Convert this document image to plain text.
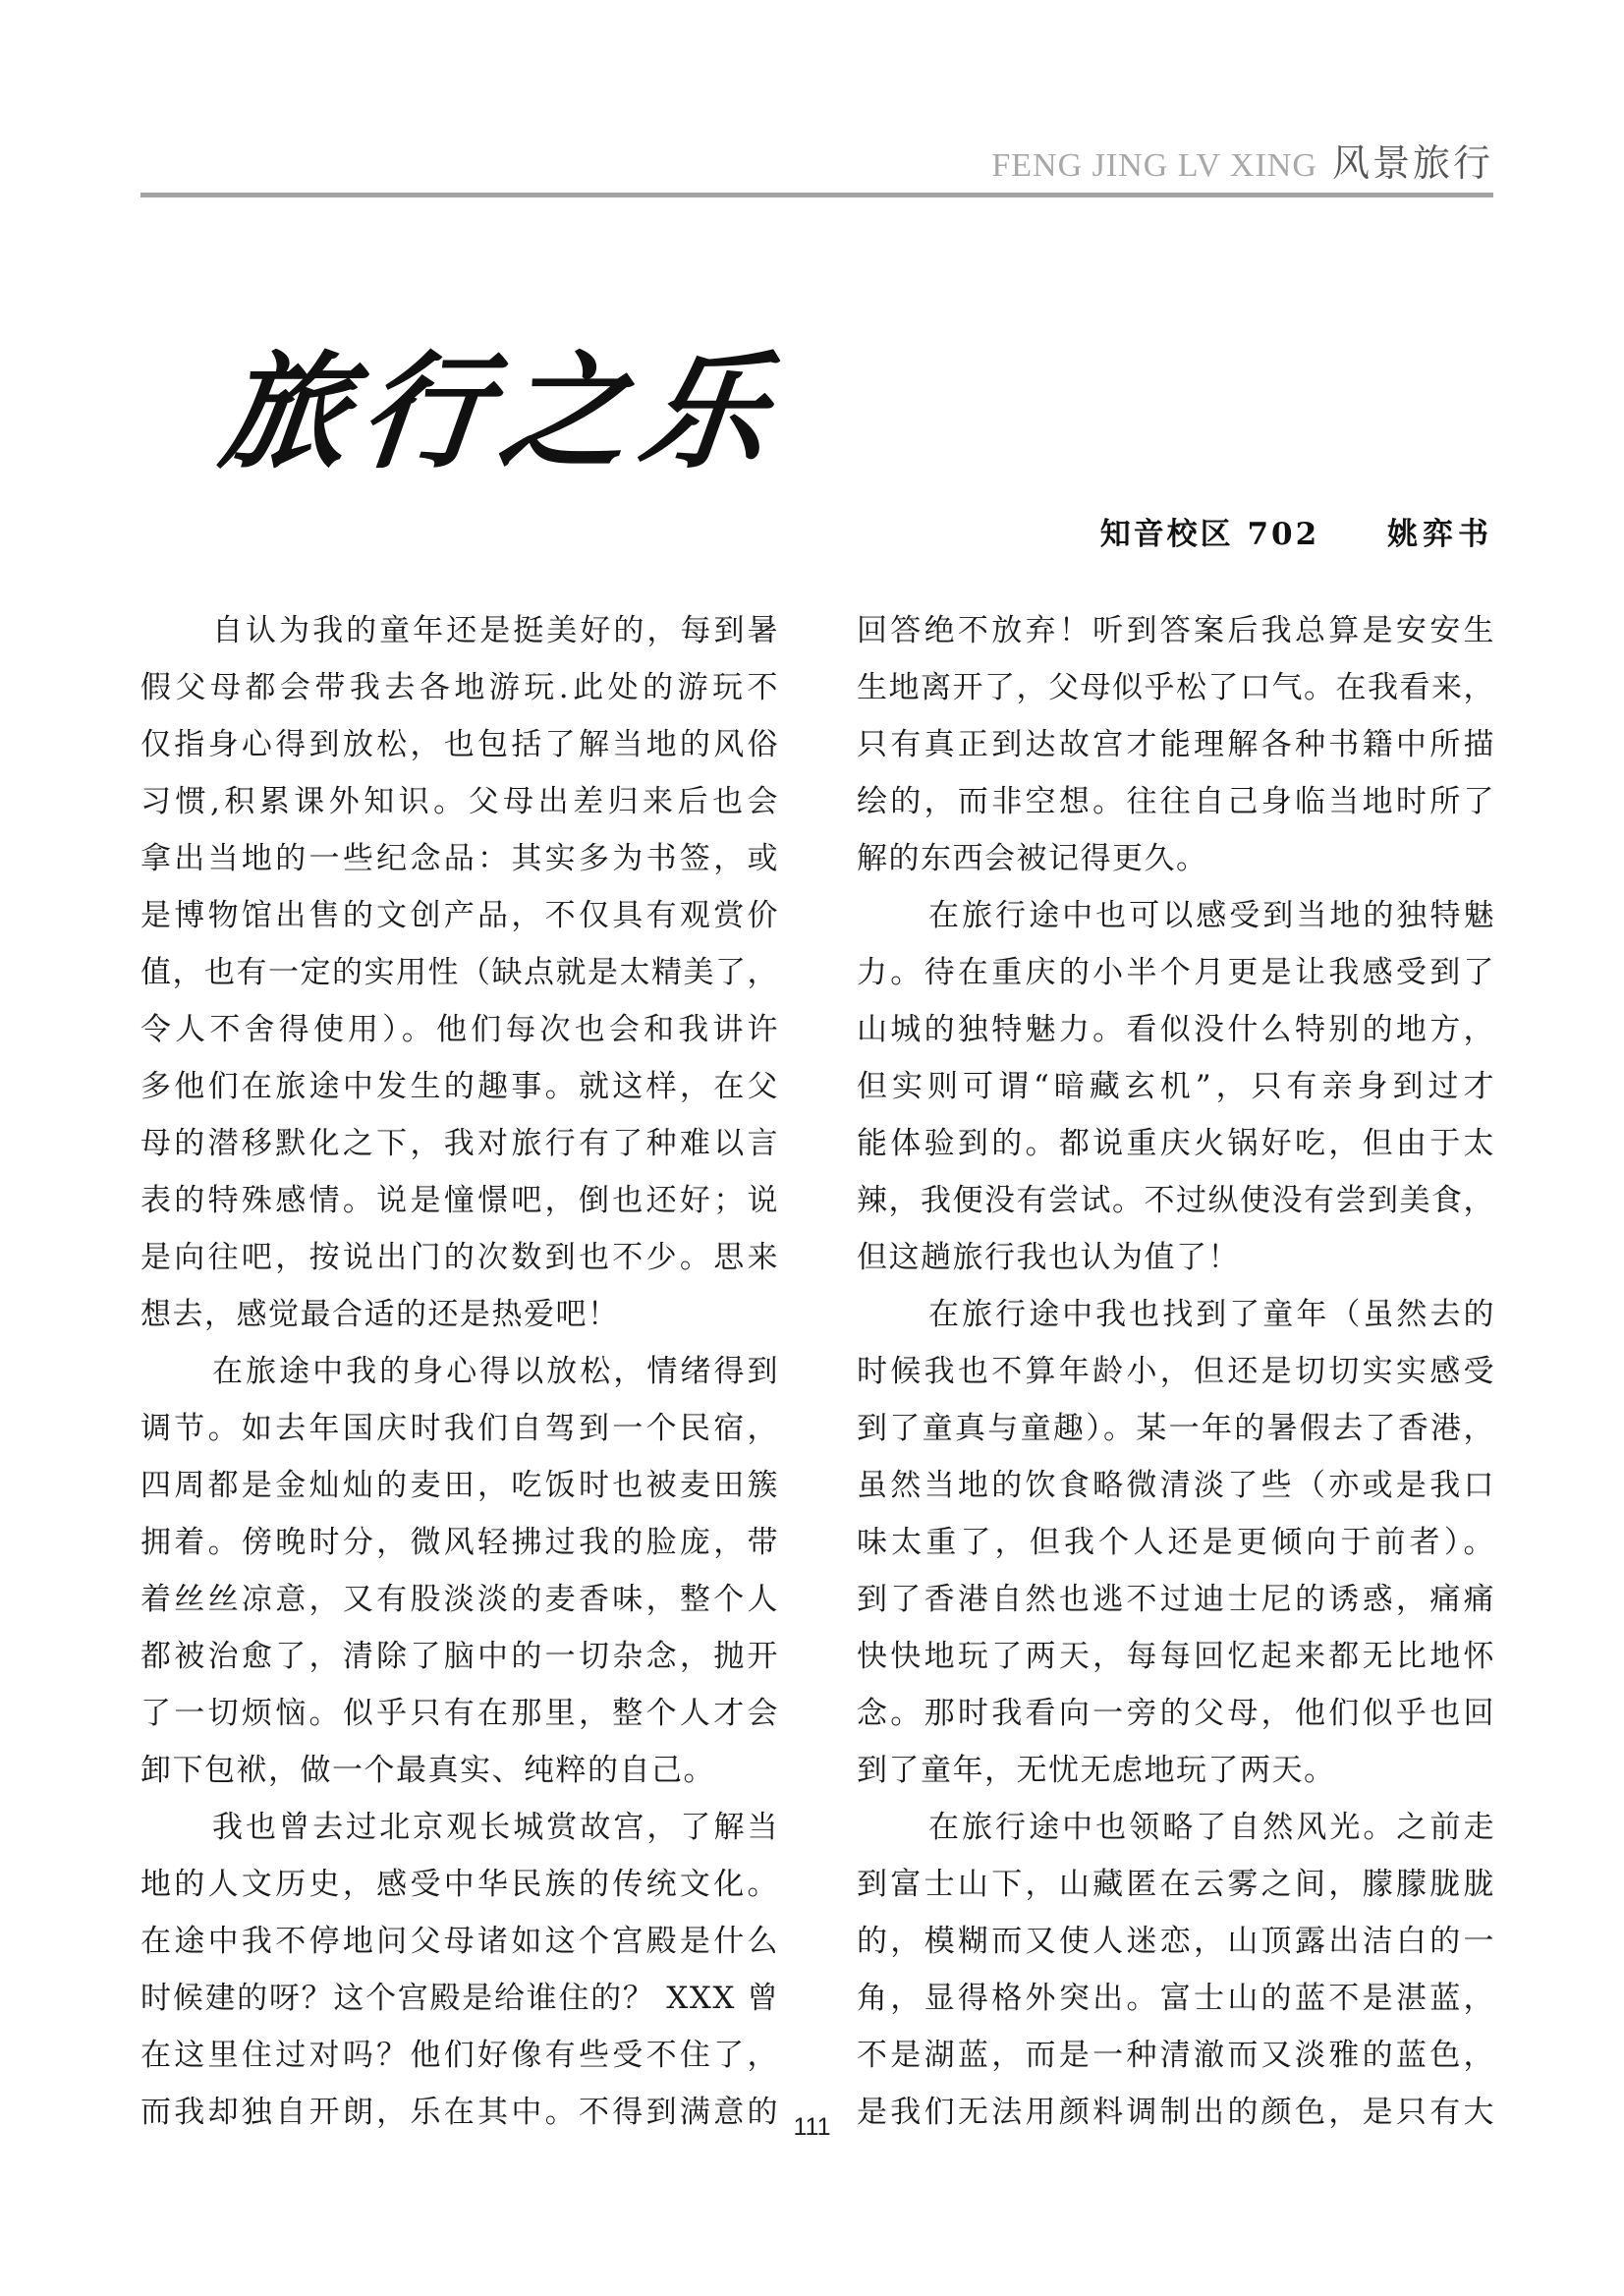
FENG JING LV XING 风景旅行
旅行之乐
知音校区 702 姚弈书
自认为我的童年还是挺美好的，每到暑
假父母都会带我去各地游玩.此处的游玩不
仅指身心得到放松，也包括了解当地的风俗
习惯,积累课外知识。父母出差归来后也会
拿出当地的一些纪念品：其实多为书签，或
是博物馆出售的文创产品，不仅具有观赏价
值，也有一定的实用性（缺点就是太精美了，
令人不舍得使用）。他们每次也会和我讲许
多他们在旅途中发生的趣事。就这样，在父
母的潜移默化之下，我对旅行有了种难以言
表的特殊感情。说是憧憬吧，倒也还好；说
是向往吧，按说出门的次数到也不少。思来
想去，感觉最合适的还是热爱吧！
在旅途中我的身心得以放松，情绪得到
调节。如去年国庆时我们自驾到一个民宿，
四周都是金灿灿的麦田，吃饭时也被麦田簇
拥着。傍晚时分，微风轻拂过我的脸庞，带
着丝丝凉意，又有股淡淡的麦香味，整个人
都被治愈了，清除了脑中的一切杂念，抛开
了一切烦恼。似乎只有在那里，整个人才会
卸下包袱，做一个最真实、纯粹的自己。
我也曾去过北京观长城赏故宫，了解当
地的人文历史，感受中华民族的传统文化。
在途中我不停地问父母诸如这个宫殿是什么
时候建的呀？这个宫殿是给谁住的？ XXX 曾
在这里住过对吗？他们好像有些受不住了，
而我却独自开朗，乐在其中。不得到满意的
回答绝不放弃！听到答案后我总算是安安生
生地离开了，父母似乎松了口气。在我看来，
只有真正到达故宫才能理解各种书籍中所描
绘的，而非空想。往往自己身临当地时所了
解的东西会被记得更久。
在旅行途中也可以感受到当地的独特魅
力。待在重庆的小半个月更是让我感受到了
山城的独特魅力。看似没什么特别的地方，
但实则可谓“暗藏玄机”，只有亲身到过才
能体验到的。都说重庆火锅好吃，但由于太
辣，我便没有尝试。不过纵使没有尝到美食，
但这趟旅行我也认为值了！
在旅行途中我也找到了童年（虽然去的
时候我也不算年龄小，但还是切切实实感受
到了童真与童趣）。某一年的暑假去了香港，
虽然当地的饮食略微清淡了些（亦或是我口
味太重了，但我个人还是更倾向于前者）。
到了香港自然也逃不过迪士尼的诱惑，痛痛
快快地玩了两天，每每回忆起来都无比地怀
念。那时我看向一旁的父母，他们似乎也回
到了童年，无忧无虑地玩了两天。
在旅行途中也领略了自然风光。之前走
到富士山下，山藏匿在云雾之间，朦朦胧胧
的，模糊而又使人迷恋，山顶露出洁白的一
角，显得格外突出。富士山的蓝不是湛蓝，
不是湖蓝，而是一种清澈而又淡雅的蓝色，
是我们无法用颜料调制出的颜色，是只有大
111
